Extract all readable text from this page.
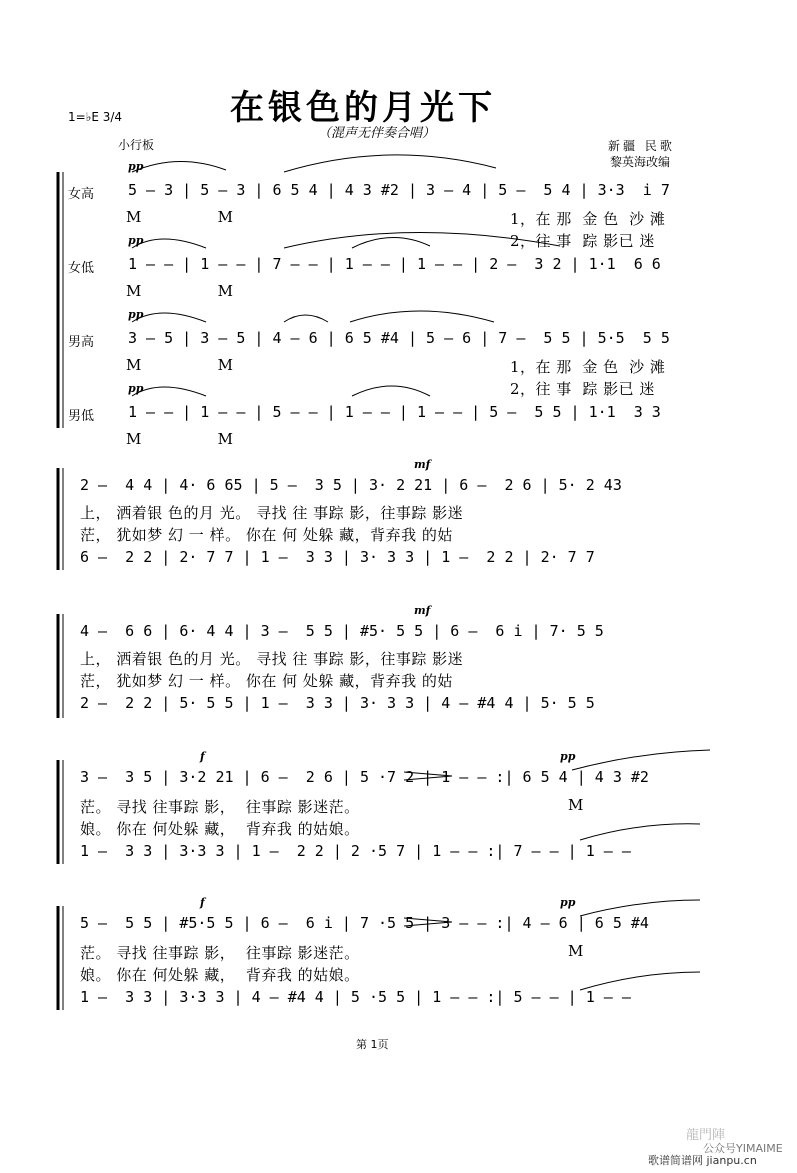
1=♭E 3/4	在银色的月光下
（混声无伴奏合唱）
小行板	新疆 民歌
黎英海改编
pp
女高 5 – 3 | 5 – 3 | 6 5 4 | 4 3 #2 | 3 – 4 | 5 –  5 4 | 3·3  i 7
M                M	1，在 那  金 色  沙 滩
2，往 事  踪 影已 迷
pp
女低 1 – – | 1 – – | 7 – – | 1 – – | 1 – – | 2 –  3 2 | 1·1  6 6
M                M
pp
男高 3 – 5 | 3 – 5 | 4 – 6 | 6 5 #4 | 5 – 6 | 7 –  5 5 | 5·5  5 5
M                M	1，在 那  金 色  沙 滩
2，往 事  踪 影已 迷
pp
男低 1 – – | 1 – – | 5 – – | 1 – – | 1 – – | 5 –  5 5 | 1·1  3 3
M                M
mf
2 –  4 4 | 4· 6 65 | 5 –  3 5 | 3· 2 21 | 6 –  2 6 | 5· 2 43
上， 洒着银 色的月 光。 寻找 往 事踪 影，往事踪 影迷
茫， 犹如梦 幻 一 样。 你在 何 处躲 藏，背弃我 的姑
6 –  2 2 | 2· 7 7 | 1 –  3 3 | 3· 3 3 | 1 –  2 2 | 2· 7 7
mf
4 –  6 6 | 6· 4 4 | 3 –  5 5 | #5· 5 5 | 6 –  6 i | 7· 5 5
上， 洒着银 色的月 光。 寻找 往 事踪 影，往事踪 影迷
茫， 犹如梦 幻 一 样。 你在 何 处躲 藏，背弃我 的姑
2 –  2 2 | 5· 5 5 | 1 –  3 3 | 3· 3 3 | 4 – #4 4 | 5· 5 5
f	pp
3 –  3 5 | 3·2 21 | 6 –  2 6 | 5 ·7 2 | 1 – – :| 6 5 4 | 4 3 #2
茫。 寻找 往事踪 影，  往事踪 影迷茫。	M
娘。 你在 何处躲 藏，  背弃我 的姑娘。
1 –  3 3 | 3·3 3 | 1 –  2 2 | 2 ·5 7 | 1 – – :| 7 – – | 1 – –
f	pp
5 –  5 5 | #5·5 5 | 6 –  6 i | 7 ·5 5 | 3 – – :| 4 – 6 | 6 5 #4
茫。 寻找 往事踪 影，  往事踪 影迷茫。	M
娘。 你在 何处躲 藏，  背弃我 的姑娘。
1 –  3 3 | 3·3 3 | 4 – #4 4 | 5 ·5 5 | 1 – – :| 5 – – | 1 – –
第 1页
龍門陣
公众号YIMAIME
歌谱简谱网 jianpu.cn
